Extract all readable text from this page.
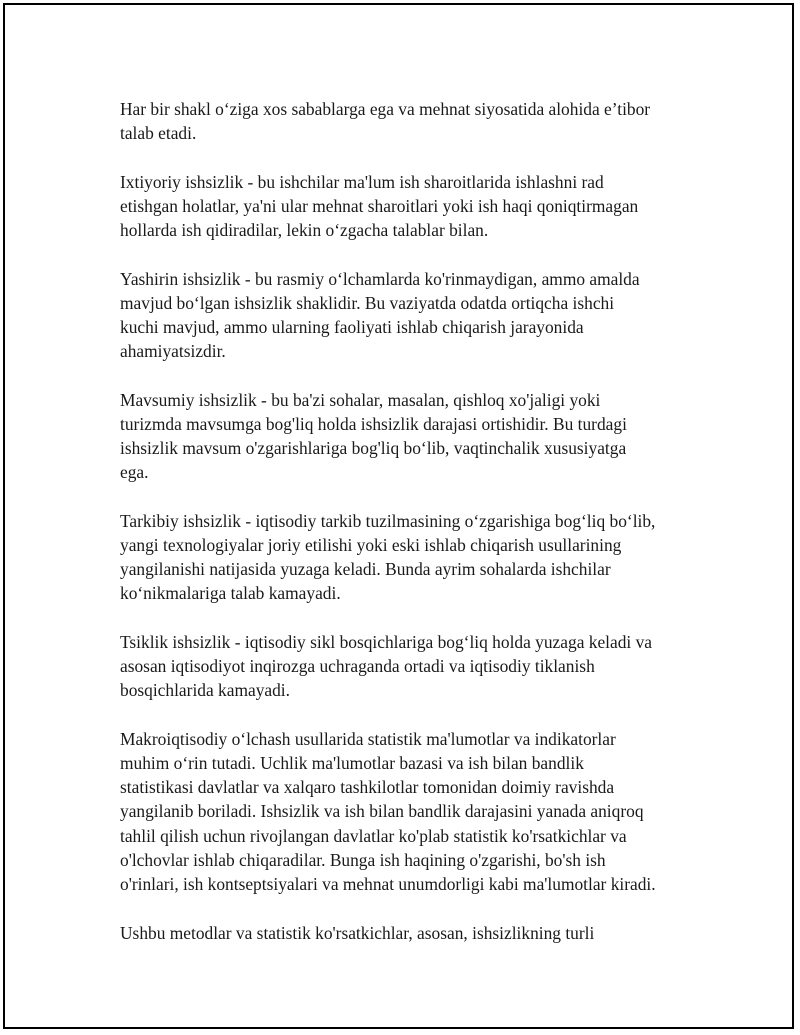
Har bir shakl o‘ziga xos sabablarga ega va mehnat siyosatida alohida e’tibor
talab etadi.

Ixtiyoriy ishsizlik - bu ishchilar ma'lum ish sharoitlarida ishlashni rad
etishgan holatlar, ya'ni ular mehnat sharoitlari yoki ish haqi qoniqtirmagan
hollarda ish qidiradilar, lekin o‘zgacha talablar bilan.

Yashirin ishsizlik - bu rasmiy o‘lchamlarda ko'rinmaydigan, ammo amalda
mavjud bo‘lgan ishsizlik shaklidir. Bu vaziyatda odatda ortiqcha ishchi
kuchi mavjud, ammo ularning faoliyati ishlab chiqarish jarayonida
ahamiyatsizdir.

Mavsumiy ishsizlik - bu ba'zi sohalar, masalan, qishloq xo'jaligi yoki
turizmda mavsumga bog'liq holda ishsizlik darajasi ortishidir. Bu turdagi
ishsizlik mavsum o'zgarishlariga bog'liq bo‘lib, vaqtinchalik xususiyatga
ega.

Tarkibiy ishsizlik - iqtisodiy tarkib tuzilmasining o‘zgarishiga bog‘liq bo‘lib,
yangi texnologiyalar joriy etilishi yoki eski ishlab chiqarish usullarining
yangilanishi natijasida yuzaga keladi. Bunda ayrim sohalarda ishchilar
ko‘nikmalariga talab kamayadi.

Tsiklik ishsizlik - iqtisodiy sikl bosqichlariga bog‘liq holda yuzaga keladi va
asosan iqtisodiyot inqirozga uchraganda ortadi va iqtisodiy tiklanish
bosqichlarida kamayadi.

Makroiqtisodiy o‘lchash usullarida statistik ma'lumotlar va indikatorlar
muhim o‘rin tutadi. Uchlik ma'lumotlar bazasi va ish bilan bandlik
statistikasi davlatlar va xalqaro tashkilotlar tomonidan doimiy ravishda
yangilanib boriladi. Ishsizlik va ish bilan bandlik darajasini yanada aniqroq
tahlil qilish uchun rivojlangan davlatlar ko'plab statistik ko'rsatkichlar va
o'lchovlar ishlab chiqaradilar. Bunga ish haqining o'zgarishi, bo'sh ish
o'rinlari, ish kontseptsiyalari va mehnat unumdorligi kabi ma'lumotlar kiradi.

Ushbu metodlar va statistik ko'rsatkichlar, asosan, ishsizlikning turli
